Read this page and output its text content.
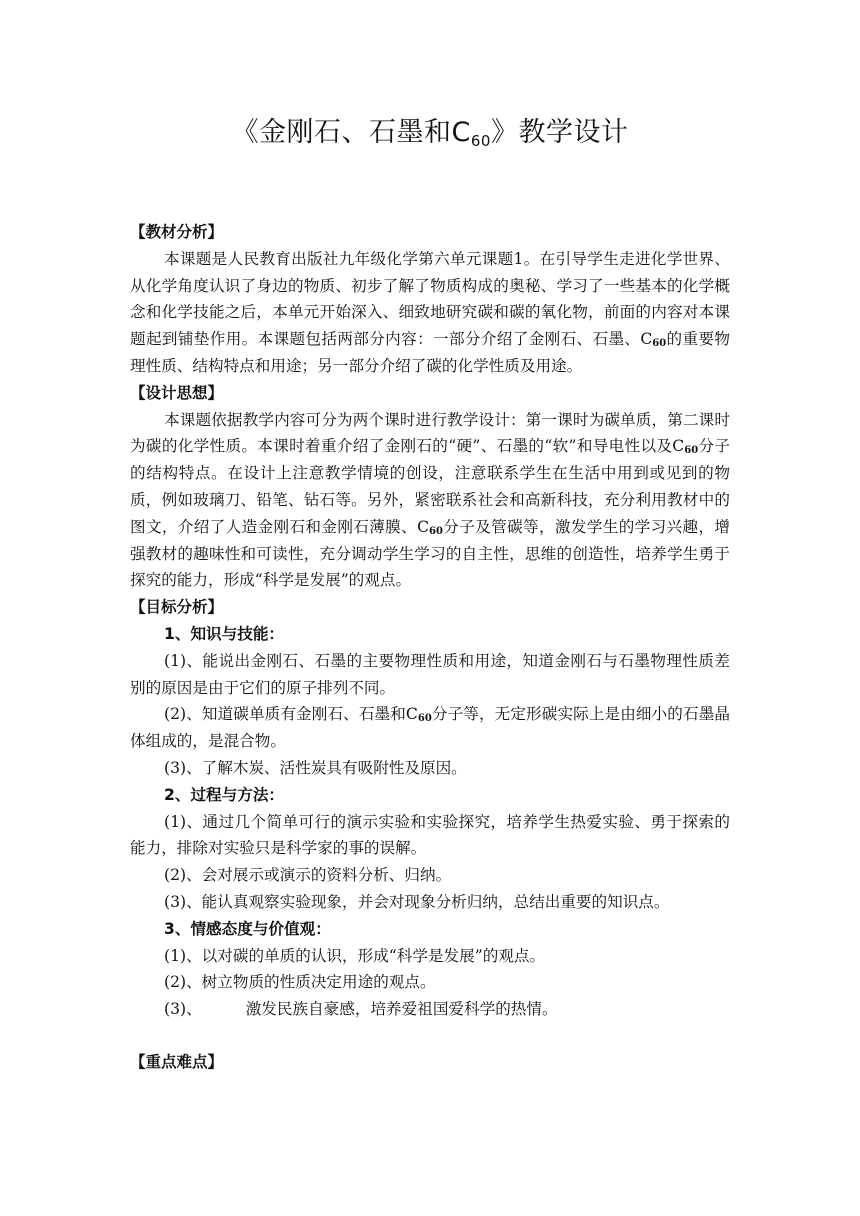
《金刚石、石墨和C60》教学设计

【教材分析】

本课题是人民教育出版社九年级化学第六单元课题1。在引导学生走进化学世界、从化学角度认识了身边的物质、初步了解了物质构成的奥秘、学习了一些基本的化学概念和化学技能之后，本单元开始深入、细致地研究碳和碳的氧化物，前面的内容对本课题起到铺垫作用。本课题包括两部分内容：一部分介绍了金刚石、石墨、$C_{60}$的重要物理性质、结构特点和用途；另一部分介绍了碳的化学性质及用途。

【设计思想】

本课题依据教学内容可分为两个课时进行教学设计：第一课时为碳单质，第二课时为碳的化学性质。本课时着重介绍了金刚石的“硬”、石墨的“软”和导电性以及$C_{60}$分子的结构特点。在设计上注意教学情境的创设，注意联系学生在生活中用到或见到的物质，例如玻璃刀、铅笔、钻石等。另外，紧密联系社会和高新科技，充分利用教材中的图文，介绍了人造金刚石和金刚石薄膜、$C_{60}$分子及管碳等，激发学生的学习兴趣，增强教材的趣味性和可读性，充分调动学生学习的自主性，思维的创造性，培养学生勇于探究的能力，形成“科学是发展”的观点。

【目标分析】

1、知识与技能：

(1)、能说出金刚石、石墨的主要物理性质和用途，知道金刚石与石墨物理性质差别的原因是由于它们的原子排列不同。

(2)、知道碳单质有金刚石、石墨和$C_{60}$分子等，无定形碳实际上是由细小的石墨晶体组成的，是混合物。

(3)、了解木炭、活性炭具有吸附性及原因。

2、过程与方法：

(1)、通过几个简单可行的演示实验和实验探究，培养学生热爱实验、勇于探索的能力，排除对实验只是科学家的事的误解。

(2)、会对展示或演示的资料分析、归纳。

(3)、能认真观察实验现象，并会对现象分析归纳，总结出重要的知识点。

3、情感态度与价值观：

(1)、以对碳的单质的认识，形成“科学是发展”的观点。

(2)、树立物质的性质决定用途的观点。

(3)、	激发民族自豪感，培养爱祖国爱科学的热情。

【重点难点】
